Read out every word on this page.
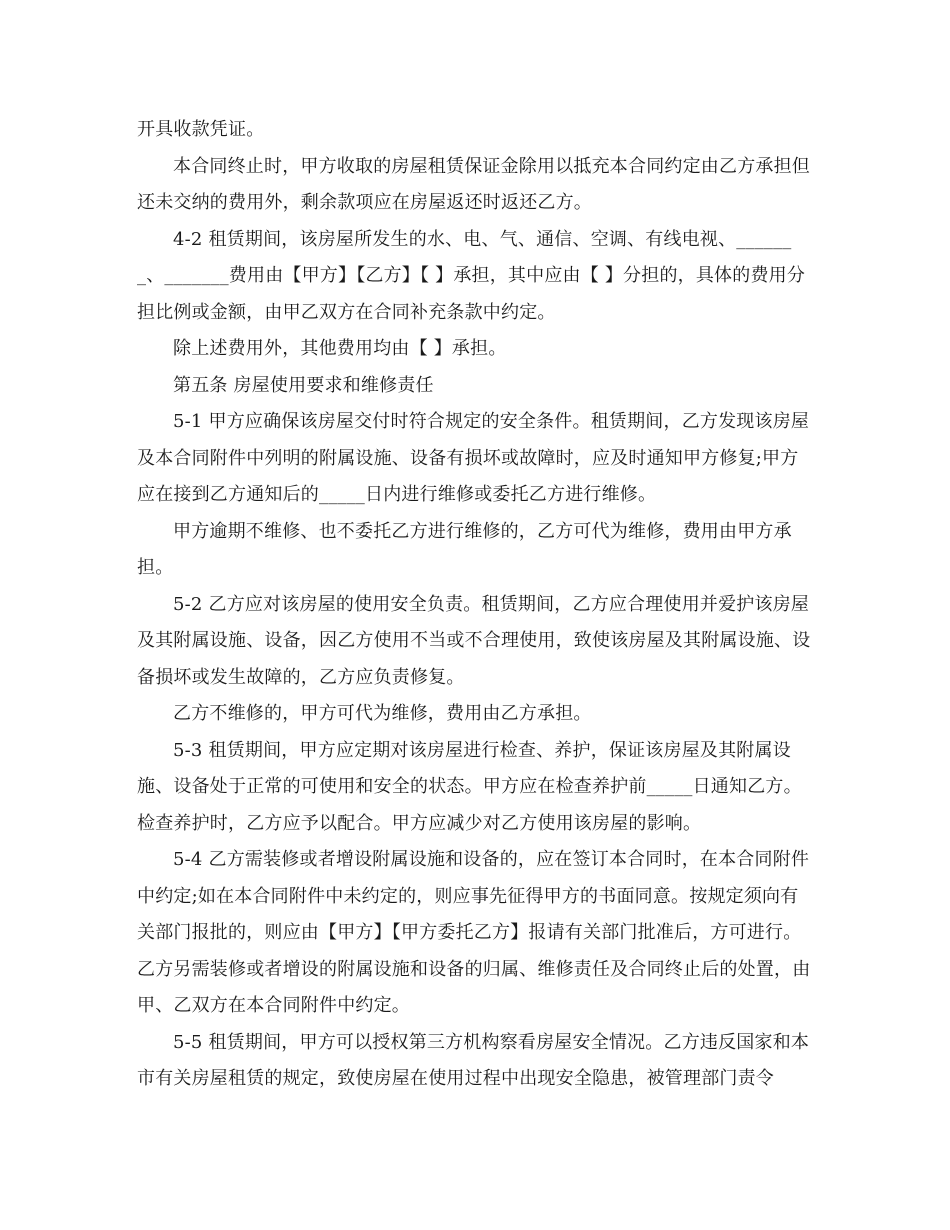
开具收款凭证。

本合同终止时，甲方收取的房屋租赁保证金除用以抵充本合同约定由乙方承担但还未交纳的费用外，剩余款项应在房屋返还时返还乙方。

4-2 租赁期间，该房屋所发生的水、电、气、通信、空调、有线电视、_______、_______费用由【甲方】【乙方】【 】承担，其中应由【 】分担的，具体的费用分担比例或金额，由甲乙双方在合同补充条款中约定。

除上述费用外，其他费用均由【 】承担。

第五条 房屋使用要求和维修责任

5-1 甲方应确保该房屋交付时符合规定的安全条件。租赁期间，乙方发现该房屋及本合同附件中列明的附属设施、设备有损坏或故障时，应及时通知甲方修复;甲方应在接到乙方通知后的_____日内进行维修或委托乙方进行维修。

甲方逾期不维修、也不委托乙方进行维修的，乙方可代为维修，费用由甲方承担。

5-2 乙方应对该房屋的使用安全负责。租赁期间，乙方应合理使用并爱护该房屋及其附属设施、设备，因乙方使用不当或不合理使用，致使该房屋及其附属设施、设备损坏或发生故障的，乙方应负责修复。

乙方不维修的，甲方可代为维修，费用由乙方承担。

5-3 租赁期间，甲方应定期对该房屋进行检查、养护，保证该房屋及其附属设施、设备处于正常的可使用和安全的状态。甲方应在检查养护前_____日通知乙方。检查养护时，乙方应予以配合。甲方应减少对乙方使用该房屋的影响。

5-4 乙方需装修或者增设附属设施和设备的，应在签订本合同时，在本合同附件中约定;如在本合同附件中未约定的，则应事先征得甲方的书面同意。按规定须向有关部门报批的，则应由【甲方】【甲方委托乙方】报请有关部门批准后，方可进行。乙方另需装修或者增设的附属设施和设备的归属、维修责任及合同终止后的处置，由甲、乙双方在本合同附件中约定。

5-5 租赁期间，甲方可以授权第三方机构察看房屋安全情况。乙方违反国家和本市有关房屋租赁的规定，致使房屋在使用过程中出现安全隐患，被管理部门责令
